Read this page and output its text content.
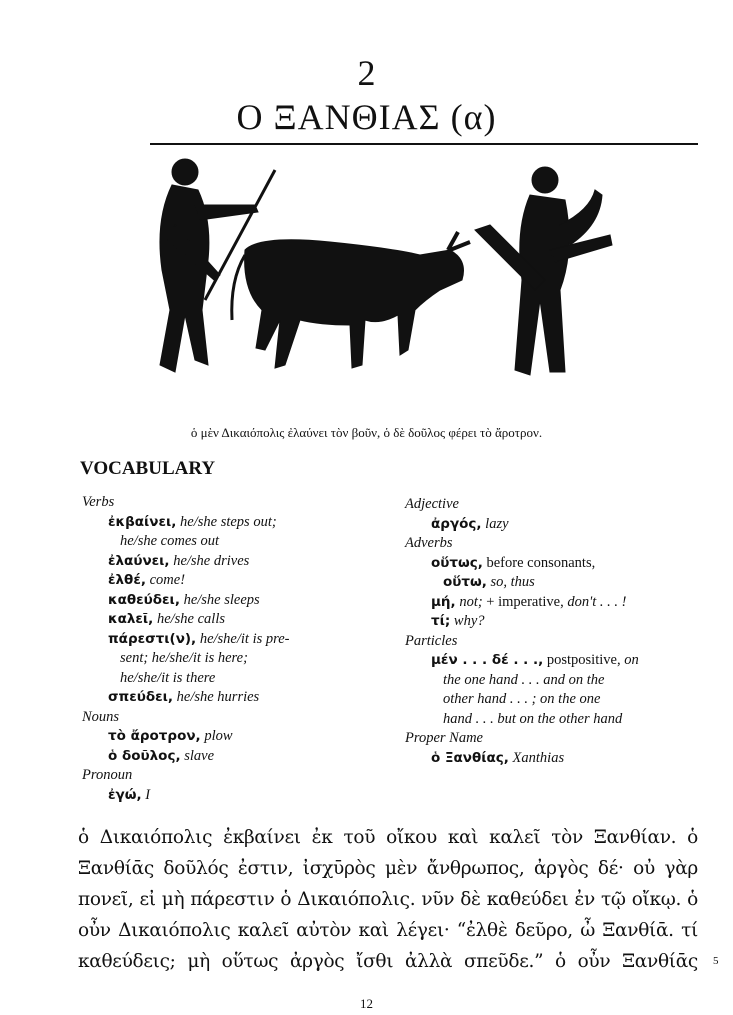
2
Ο ΞΑΝΘΙΑΣ (α)
ὁ μὲν Δικαιόπολις ἐλαύνει τὸν βοῦν, ὁ δὲ δοῦλος φέρει τὸ ἄροτρον.
VOCABULARY
Verbs
ἐκβαίνει, he/she steps out;
he/she comes out
ἐλαύνει, he/she drives
ἐλθέ, come!
καθεύδει, he/she sleeps
καλεῖ, he/she calls
πάρεστι(ν), he/she/it is pre-
sent; he/she/it is here;
he/she/it is there
σπεύδει, he/she hurries
Nouns
τὸ ἄροτρον, plow
ὁ δοῦλος, slave
Pronoun
ἐγώ, I
Adjective
ἀργός, lazy
Adverbs
οὕτως, before consonants,
οὕτω, so, thus
μή, not; + imperative, don't . . . !
τί; why?
Particles
μέν . . . δέ . . ., postpositive, on
the one hand . . . and on the
other hand . . . ; on the one
hand . . . but on the other hand
Proper Name
ὁ Ξανθίας, Xanthias
ὁ Δικαιόπολις ἐκβαίνει ἐκ τοῦ οἴκου καὶ καλεῖ τὸν Ξανθίαν. ὁ
Ξανθίᾱς δοῦλός ἐστιν, ἰσχῡρὸς μὲν ἄνθρωπος, ἀργὸς δέ· οὐ γὰρ
πονεῖ, εἰ μὴ πάρεστιν ὁ Δικαιόπολις. νῦν δὲ καθεύδει ἐν τῷ οἴκῳ. ὁ
οὖν Δικαιόπολις καλεῖ αὐτὸν καὶ λέγει· “ἐλθὲ δεῦρο, ὦ Ξανθίᾱ. τί
καθεύδεις; μὴ οὕτως ἀργὸς ἴσθι ἀλλὰ σπεῦδε.” ὁ οὖν Ξανθίᾱς 5
12
